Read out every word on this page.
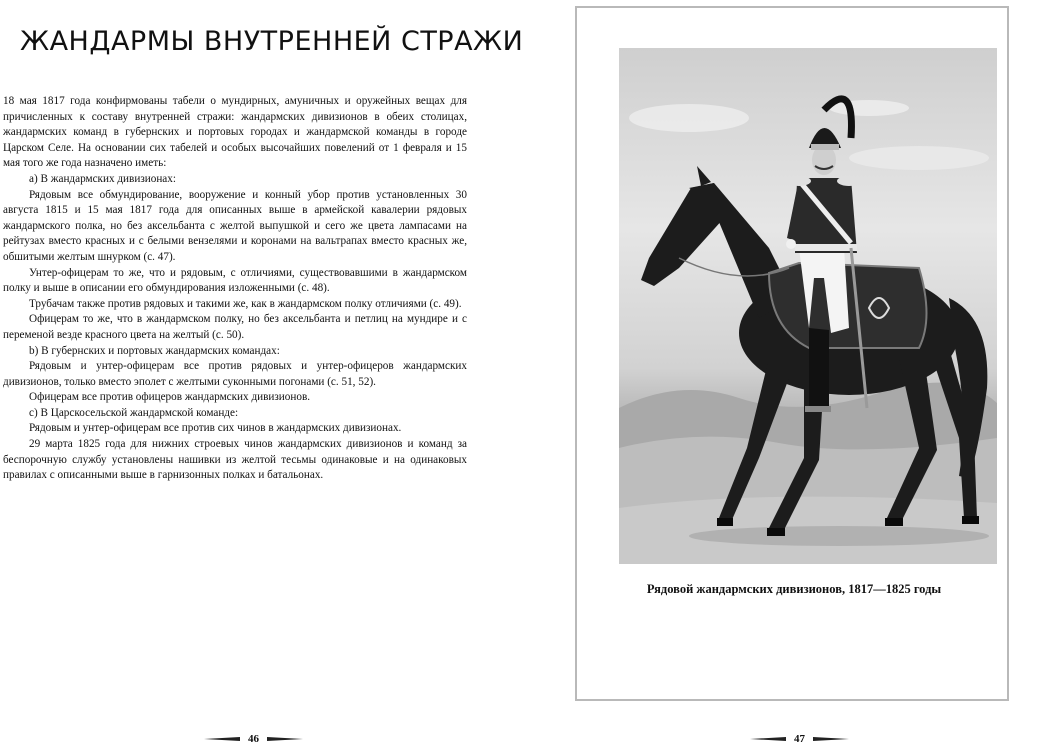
ЖАНДАРМЫ ВНУТРЕННЕЙ СТРАЖИ

18 мая 1817 года конфирмованы табели о мундирных, амуничных и оружейных вещах для причисленных к составу внутренней стражи: жандармских дивизионов в обеих столицах, жандармских команд в губернских и портовых городах и жандармской команды в городе Царском Селе. На основании сих табелей и особых высочайших повелений от 1 февраля и 15 мая того же года назначено иметь:

a) В жандармских дивизионах:

Рядовым все обмундирование, вооружение и конный убор против установленных 30 августа 1815 и 15 мая 1817 года для описанных выше в армейской кавалерии рядовых жандармского полка, но без аксельбанта с желтой выпушкой и сего же цвета лампасами на рейтузах вместо красных и с белыми вензелями и коронами на вальтрапах вместо красных же, обшитыми желтым шнурком (с. 47).

Унтер-офицерам то же, что и рядовым, с отличиями, существовавшими в жандармском полку и выше в описании его обмундирования изложенными (с. 48).

Трубачам также против рядовых и такими же, как в жандармском полку отличиями (с. 49).

Офицерам то же, что в жандармском полку, но без аксельбанта и петлиц на мундире и с переменой везде красного цвета на желтый (с. 50).

b) В губернских и портовых жандармских командах:

Рядовым и унтер-офицерам все против рядовых и унтер-офицеров жандармских дивизионов, только вместо эполет с желтыми суконными погонами (с. 51, 52).

Офицерам все против офицеров жандармских дивизионов.

c) В Царскосельской жандармской команде:

Рядовым и унтер-офицерам все против сих чинов в жандармских дивизионах.

29 марта 1825 года для нижних строевых чинов жандармских дивизионов и команд за беспорочную службу установлены нашивки из желтой тесьмы одинаковые и на одинаковых правилах с описанными выше в гарнизонных полках и батальонах.

Рядовой жандармских дивизионов, 1817—1825 годы
46	47
